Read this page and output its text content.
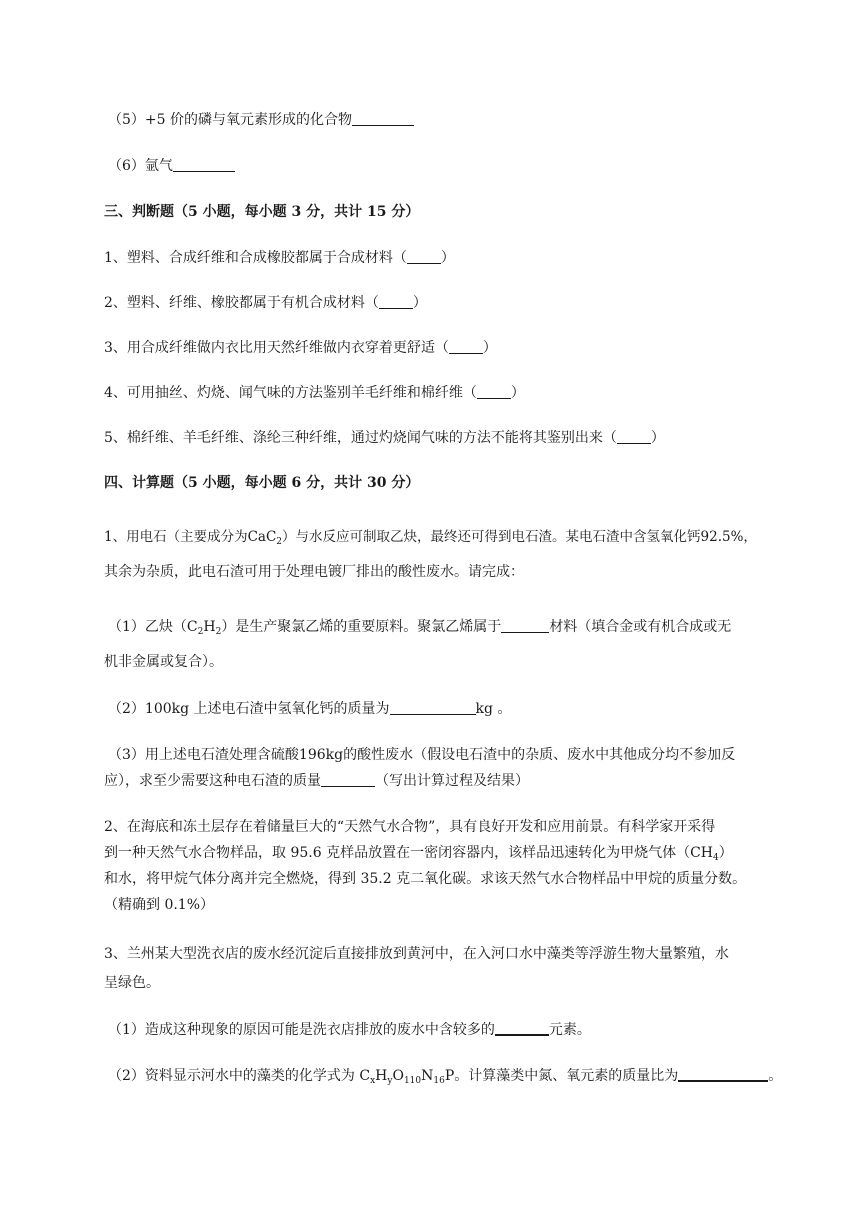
（5）+5 价的磷与氧元素形成的化合物
（6）氩气
三、判断题（5 小题，每小题 3 分，共计 15 分）
1、塑料、合成纤维和合成橡胶都属于合成材料（ ）
2、塑料、纤维、橡胶都属于有机合成材料（ ）
3、用合成纤维做内衣比用天然纤维做内衣穿着更舒适（ ）
4、可用抽丝、灼烧、闻气味的方法鉴别羊毛纤维和棉纤维（ ）
5、棉纤维、羊毛纤维、涤纶三种纤维，通过灼烧闻气味的方法不能将其鉴别出来（ ）
四、计算题（5 小题，每小题 6 分，共计 30 分）
1、用电石（主要成分为CaC$_2$）与水反应可制取乙炔，最终还可得到电石渣。某电石渣中含氢氧化钙92.5%，
其余为杂质，此电石渣可用于处理电镀厂排出的酸性废水。请完成：
（1）乙炔$(C_2H_2)$是生产聚氯乙烯的重要原料。聚氯乙烯属于	材料（填合金或有机合成或无
机非金属或复合）。
（2）100kg 上述电石渣中氢氧化钙的质量为	kg 。
（3）用上述电石渣处理含硫酸196kg的酸性废水（假设电石渣中的杂质、废水中其他成分均不参加反
应），求至少需要这种电石渣的质量	（写出计算过程及结果）
2、在海底和冻土层存在着储量巨大的“天然气水合物”，具有良好开发和应用前景。有科学家开采得
到一种天然气水合物样品，取 95.6 克样品放置在一密闭容器内，该样品迅速转化为甲烧气体$(CH_4)$
和水，将甲烷气体分离并完全燃烧，得到 35.2 克二氧化碳。求该天然气水合物样品中甲烷的质量分数。
（精确到 0.1%）
3、兰州某大型洗衣店的废水经沉淀后直接排放到黄河中，在入河口水中藻类等浮游生物大量繁殖，水
呈绿色。
（1）造成这种现象的原因可能是洗衣店排放的废水中含较多的	元素。
（2）资料显示河水中的藻类的化学式为 $C_xH_yO_{110}N_{16}P$。计算藻类中氮、氧元素的质量比为	。
